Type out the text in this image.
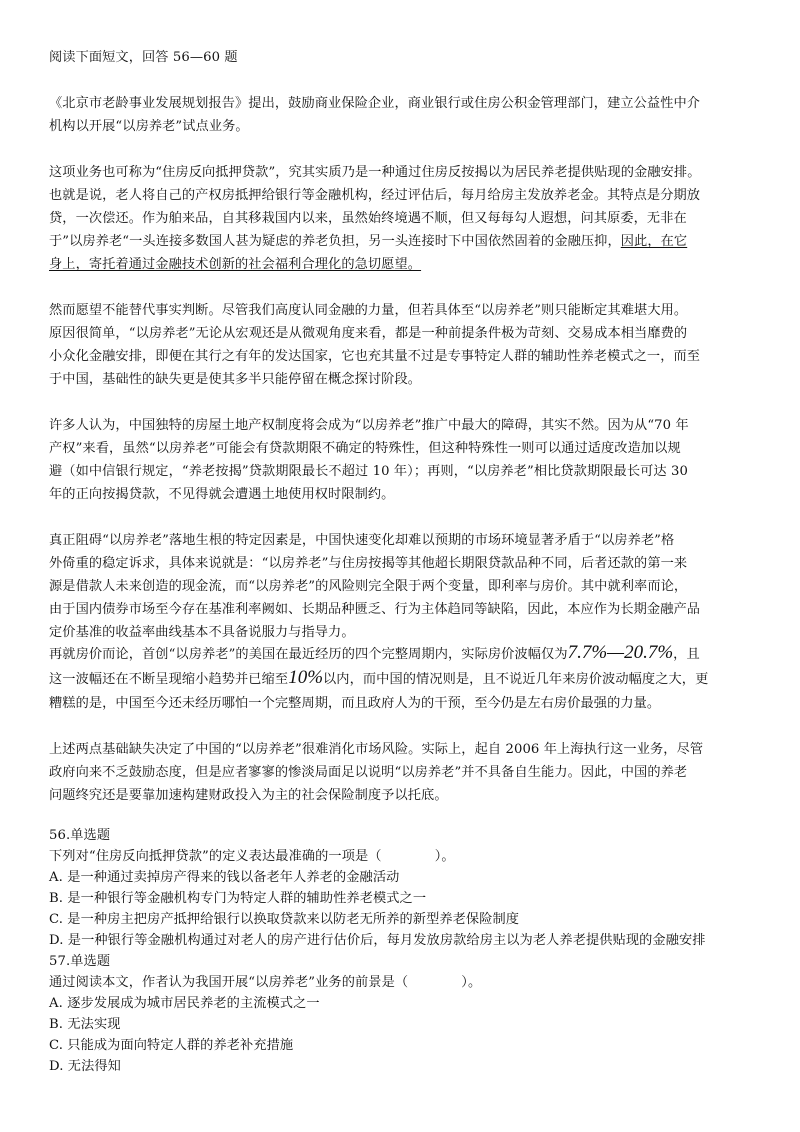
阅读下面短文，回答 56—60 题
《北京市老龄事业发展规划报告》提出，鼓励商业保险企业，商业银行或住房公积金管理部门，建立公益性中介
机构以开展“以房养老”试点业务。
这项业务也可称为“住房反向抵押贷款”，究其实质乃是一种通过住房反按揭以为居民养老提供贴现的金融安排。
也就是说，老人将自己的产权房抵押给银行等金融机构，经过评估后，每月给房主发放养老金。其特点是分期放
贷，一次偿还。作为舶来品，自其移栽国内以来，虽然始终境遇不顺，但又每每勾人遐想，问其原委，无非在
于”以房养老“一头连接多数国人甚为疑虑的养老负担，另一头连接时下中国依然固着的金融压抑，因此，在它
身上，寄托着通过金融技术创新的社会福利合理化的急切愿望。
然而愿望不能替代事实判断。尽管我们高度认同金融的力量，但若具体至“以房养老”则只能断定其难堪大用。
原因很简单，“以房养老”无论从宏观还是从微观角度来看，都是一种前提条件极为苛刻、交易成本相当靡费的
小众化金融安排，即便在其行之有年的发达国家，它也充其量不过是专事特定人群的辅助性养老模式之一，而至
于中国，基础性的缺失更是使其多半只能停留在概念探讨阶段。
许多人认为，中国独特的房屋土地产权制度将会成为“以房养老”推广中最大的障碍，其实不然。因为从“70 年
产权”来看，虽然“以房养老”可能会有贷款期限不确定的特殊性，但这种特殊性一则可以通过适度改造加以规
避（如中信银行规定，“养老按揭”贷款期限最长不超过 10 年）；再则，“以房养老”相比贷款期限最长可达 30
年的正向按揭贷款，不见得就会遭遇土地使用权时限制约。
真正阻碍“以房养老”落地生根的特定因素是，中国快速变化却难以预期的市场环境显著矛盾于“以房养老”格
外倚重的稳定诉求，具体来说就是：“以房养老”与住房按揭等其他超长期限贷款品种不同，后者还款的第一来
源是借款人未来创造的现金流，而“以房养老”的风险则完全限于两个变量，即利率与房价。其中就利率而论，
由于国内债券市场至今存在基准利率阙如、长期品种匮乏、行为主体趋同等缺陷，因此，本应作为长期金融产品
定价基准的收益率曲线基本不具备说服力与指导力。
再就房价而论，首创“以房养老”的美国在最近经历的四个完整周期内，实际房价波幅仅为7.7%—20.7%，且
这一波幅还在不断呈现缩小趋势并已缩至10%以内，而中国的情况则是，且不说近几年来房价波动幅度之大，更
糟糕的是，中国至今还未经历哪怕一个完整周期，而且政府人为的干预，至今仍是左右房价最强的力量。
上述两点基础缺失决定了中国的“以房养老”很难消化市场风险。实际上，起自 2006 年上海执行这一业务，尽管
政府向来不乏鼓励态度，但是应者寥寥的惨淡局面足以说明“以房养老”并不具备自生能力。因此，中国的养老
问题终究还是要靠加速构建财政投入为主的社会保险制度予以托底。
56.单选题
下列对“住房反向抵押贷款”的定义表达最准确的一项是（　　　　）。
A. 是一种通过卖掉房产得来的钱以备老年人养老的金融活动
B. 是一种银行等金融机构专门为特定人群的辅助性养老模式之一
C. 是一种房主把房产抵押给银行以换取贷款来以防老无所养的新型养老保险制度
D. 是一种银行等金融机构通过对老人的房产进行估价后，每月发放房款给房主以为老人养老提供贴现的金融安排
57.单选题
通过阅读本文，作者认为我国开展“以房养老”业务的前景是（　　　　）。
A. 逐步发展成为城市居民养老的主流模式之一
B. 无法实现
C. 只能成为面向特定人群的养老补充措施
D. 无法得知
